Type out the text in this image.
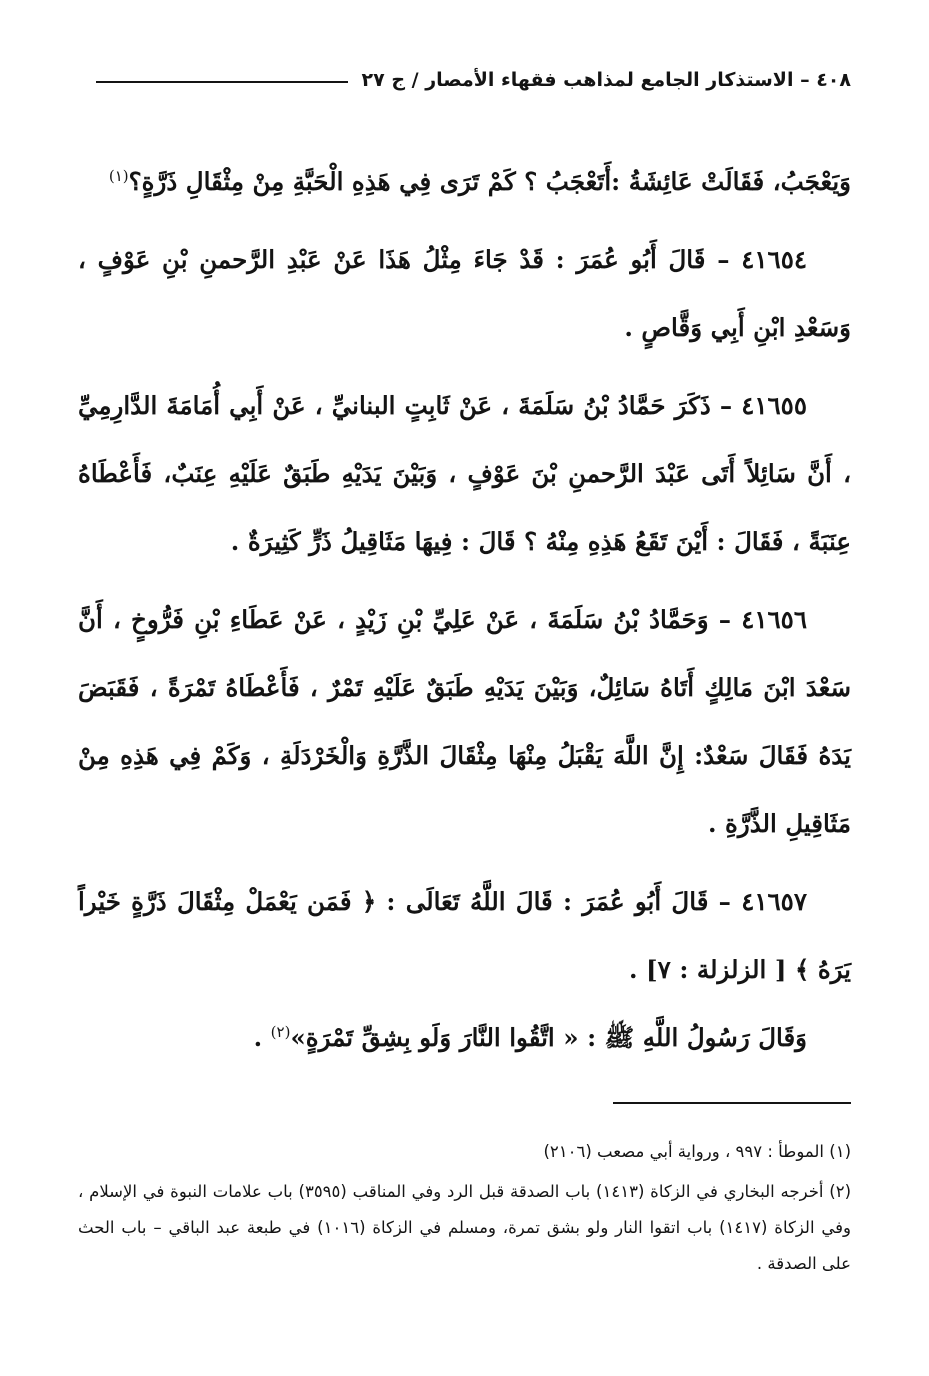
٤٠٨ – الاستذكار الجامع لمذاهب فقهاء الأمصار / ج ٢٧

وَيَعْجَبُ، فَقَالَتْ عَائِشَةُ :أَتَعْجَبُ ؟ كَمْ تَرَى فِي هَذِهِ الْحَبَّةِ مِنْ مِثْقَالِ ذَرَّةٍ؟$^{(١)}$

٤١٦٥٤ – قَالَ أَبُو عُمَرَ : قَدْ جَاءَ مِثْلُ هَذَا عَنْ عَبْدِ الرَّحمنِ بْنِ عَوْفٍ ، وَسَعْدِ ابْنِ أَبِي وَقَّاصٍ .

٤١٦٥٥ – ذَكَرَ حَمَّادُ بْنُ سَلَمَةَ ، عَنْ ثَابِتٍ البنانيِّ ، عَنْ أَبِي أُمَامَةَ الدَّارِمِيِّ ، أَنَّ سَائِلاً أَتَى عَبْدَ الرَّحمنِ بْنَ عَوْفٍ ، وَبَيْنَ يَدَيْهِ طَبَقٌ عَلَيْهِ عِنَبٌ، فَأَعْطَاهُ عِنَبَةً ، فَقَالَ : أَيْنَ تَقَعُ هَذِهِ مِنْهُ ؟ قَالَ : فِيهَا مَثَاقِيلُ ذَرٍّ كَثِيرَةٌ .

٤١٦٥٦ – وَحَمَّادُ بْنُ سَلَمَةَ ، عَنْ عَلِيِّ بْنِ زَيْدٍ ، عَنْ عَطَاءِ بْنِ فَرُّوخٍ ، أَنَّ سَعْدَ ابْنَ مَالِكٍ أَتَاهُ سَائِلٌ، وَبَيْنَ يَدَيْهِ طَبَقٌ عَلَيْهِ تَمْرٌ ، فَأَعْطَاهُ تَمْرَةً ، فَقَبَضَ يَدَهُ فَقَالَ سَعْدٌ: إِنَّ اللَّهَ يَقْبَلُ مِنْهَا مِثْقَالَ الذَّرَّةِ وَالْخَرْدَلَةِ ، وَكَمْ فِي هَذِهِ مِنْ مَثَاقِيلِ الذَّرَّةِ .

٤١٦٥٧ – قَالَ أَبُو عُمَرَ : قَالَ اللَّهُ تَعَالَى : ﴿ فَمَن يَعْمَلْ مِثْقَالَ ذَرَّةٍ خَيْراً يَرَهُ ﴾ [ الزلزلة : ٧] .

وَقَالَ رَسُولُ اللَّهِ ﷺ : « اتَّقُوا النَّارَ وَلَو بِشِقِّ تَمْرَةٍ»$^{(٢)}$ .

(١) الموطأ : ٩٩٧ ، ورواية أبي مصعب (٢١٠٦)

(٢) أخرجه البخاري في الزكاة (١٤١٣) باب الصدقة قبل الرد وفي المناقب (٣٥٩٥) باب علامات النبوة في الإسلام ، وفي الزكاة (١٤١٧) باب اتقوا النار ولو بشق تمرة، ومسلم في الزكاة (١٠١٦) في طبعة عبد الباقي – باب الحث على الصدقة .
